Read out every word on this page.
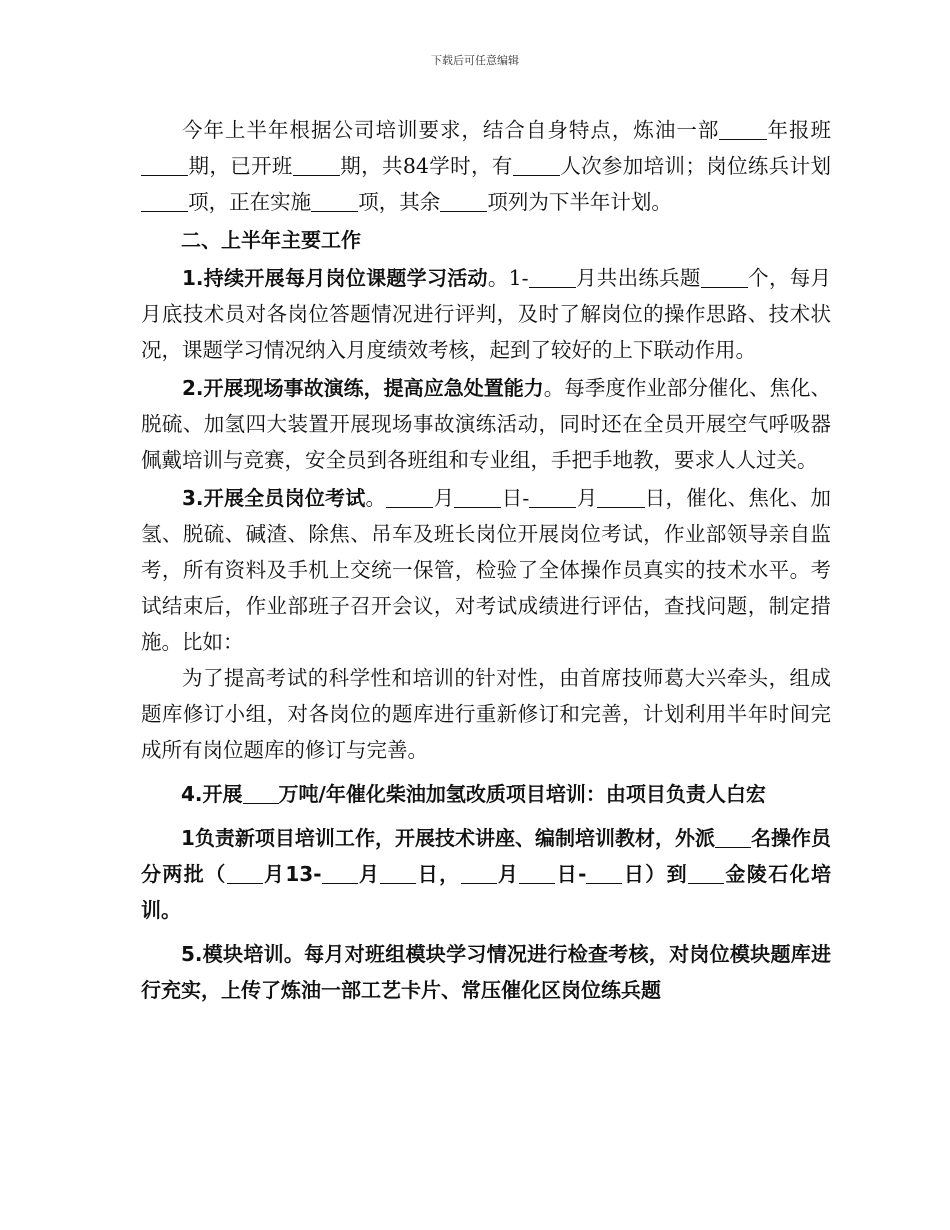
下载后可任意编辑

今年上半年根据公司培训要求，结合自身特点，炼油一部 年报班期，已开班 期，共84学时，有 人次参加培训；岗位练兵计划项，正在实施 项，其余 项列为下半年计划。

二、上半年主要工作

1.持续开展每月岗位课题学习活动。1- 月共出练兵题 个，每月月底技术员对各岗位答题情况进行评判，及时了解岗位的操作思路、技术状况，课题学习情况纳入月度绩效考核，起到了较好的上下联动作用。

2.开展现场事故演练，提高应急处置能力。每季度作业部分催化、焦化、脱硫、加氢四大装置开展现场事故演练活动，同时还在全员开展空气呼吸器佩戴培训与竞赛，安全员到各班组和专业组，手把手地教，要求人人过关。

3.开展全员岗位考试。 月 日- 月 日，催化、焦化、加氢、脱硫、碱渣、除焦、吊车及班长岗位开展岗位考试，作业部领导亲自监考，所有资料及手机上交统一保管，检验了全体操作员真实的技术水平。考试结束后，作业部班子召开会议，对考试成绩进行评估，查找问题，制定措施。比如：

为了提高考试的科学性和培训的针对性，由首席技师葛大兴牵头，组成题库修订小组，对各岗位的题库进行重新修订和完善，计划利用半年时间完成所有岗位题库的修订与完善。

4.开展 万吨/年催化柴油加氢改质项目培训：由项目负责人白宏

1负责新项目培训工作，开展技术讲座、编制培训教材，外派 名操作员分两批（ 月13- 月 日， 月 日- 日）到 金陵石化培训。

5.模块培训。每月对班组模块学习情况进行检查考核，对岗位模块题库进行充实，上传了炼油一部工艺卡片、常压催化区岗位练兵题
